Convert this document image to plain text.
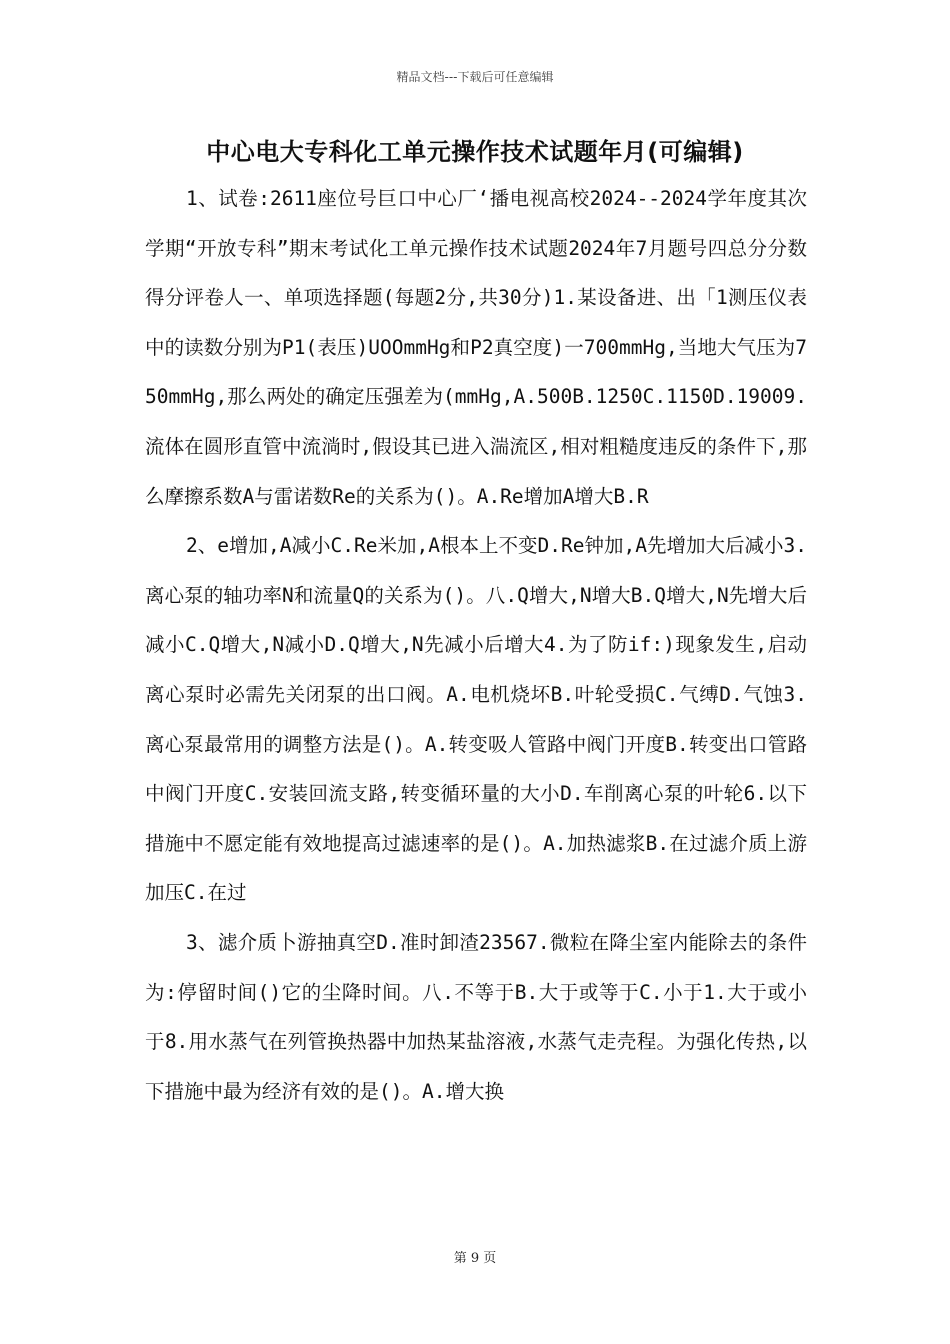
精品文档---下载后可任意编辑
中心电大专科化工单元操作技术试题年月(可编辑)

1、试卷:2611座位号巨口中心厂‘播电视高校2024--2024学年度其次学期“开放专科”期末考试化工单元操作技术试题2024年7月题号四总分分数得分评卷人一、单项选择题(每题2分,共30分)1.某设备进、出「1测压仪表中的读数分别为P1(表压)UOOmmHg和P2真空度)一700mmHg,当地大气压为750mmHg,那么两处的确定压强差为(mmHg,A.500B.1250C.1150D.19009.流体在圆形直管中流淌时,假设其已进入湍流区,相对粗糙度违反的条件下,那么摩擦系数A与雷诺数Re的关系为()。A.Re增加A增大B.R

2、e增加,A减小C.Re米加,A根本上不变D.Re钟加,A先增加大后减小3.离心泵的轴功率N和流量Q的关系为()。八.Q增大,N增大B.Q增大,N先增大后减小C.Q增大,N减小D.Q增大,N先减小后增大4.为了防if:)现象发生,启动离心泵时必需先关闭泵的出口阀。A.电机烧坏B.叶轮受损C.气缚D.气蚀3.离心泵最常用的调整方法是()。A.转变吸人管路中阀门开度B.转变出口管路中阀门开度C.安装回流支路,转变循环量的大小D.车削离心泵的叶轮6.以下措施中不愿定能有效地提高过滤速率的是()。A.加热滤浆B.在过滤介质上游加压C.在过

3、滤介质卜游抽真空D.准时卸渣23567.微粒在降尘室内能除去的条件为:停留时间()它的尘降时间。八.不等于B.大于或等于C.小于1.大于或小于8.用水蒸气在列管换热器中加热某盐溶液,水蒸气走壳程。为强化传热,以下措施中最为经济有效的是()。A.增大换

第 9 页
